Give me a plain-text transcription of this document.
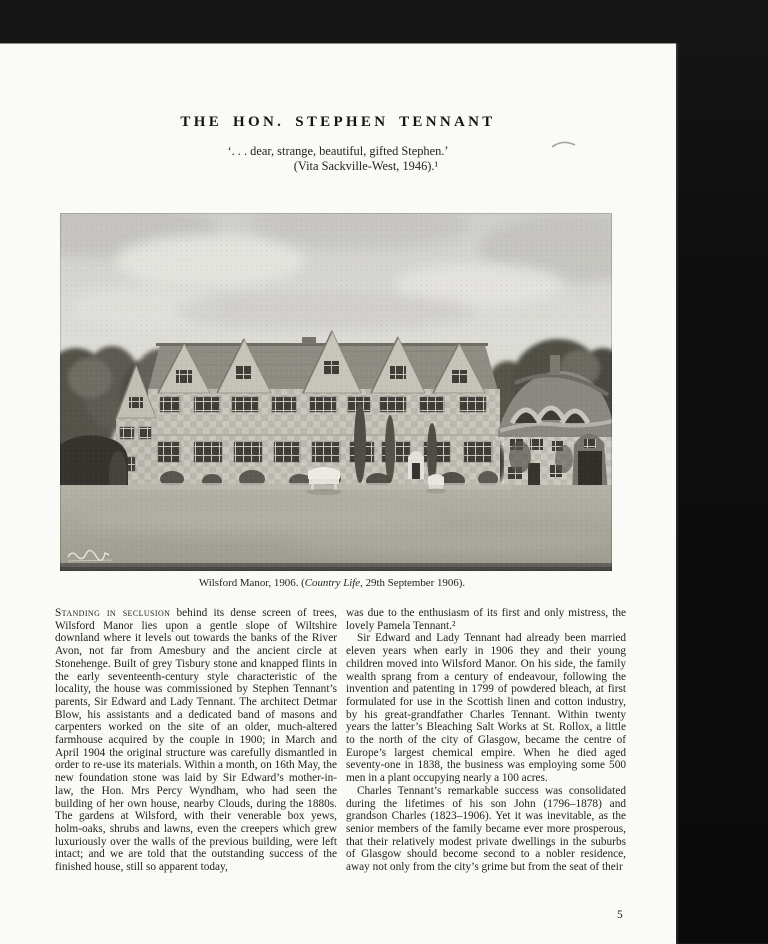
THE HON. STEPHEN TENNANT
‘. . . dear, strange, beautiful, gifted Stephen.’
(Vita Sackville-West, 1946).¹
Wilsford Manor, 1906. (Country Life, 29th September 1906).

Standing in seclusion behind its dense screen of trees, Wilsford Manor lies upon a gentle slope of Wiltshire downland where it levels out towards the banks of the River Avon, not far from Amesbury and the ancient circle at Stonehenge. Built of grey Tisbury stone and knapped flints in the early seventeenth-century style characteristic of the locality, the house was commissioned by Stephen Tennant’s parents, Sir Edward and Lady Tennant. The architect Detmar Blow, his assistants and a dedicated band of masons and carpenters worked on the site of an older, much-altered farmhouse acquired by the couple in 1900; in March and April 1904 the original structure was carefully dismantled in order to re-use its materials. Within a month, on 16th May, the new foundation stone was laid by Sir Edward’s mother-in-law, the Hon. Mrs Percy Wyndham, who had seen the building of her own house, nearby Clouds, during the 1880s. The gardens at Wilsford, with their venerable box yews, holm-oaks, shrubs and lawns, even the creepers which grew luxuriously over the walls of the previous building, were left intact; and we are told that the outstanding success of the finished house, still so apparent today,

was due to the enthusiasm of its first and only mistress, the lovely Pamela Tennant.²

Sir Edward and Lady Tennant had already been married eleven years when early in 1906 they and their young children moved into Wilsford Manor. On his side, the family wealth sprang from a century of endeavour, following the invention and patenting in 1799 of powdered bleach, at first formulated for use in the Scottish linen and cotton industry, by his great-grandfather Charles Tennant. Within twenty years the latter’s Bleaching Salt Works at St. Rollox, a little to the north of the city of Glasgow, became the centre of Europe’s largest chemical empire. When he died aged seventy-one in 1838, the business was employing some 500 men in a plant occupying nearly a 100 acres.

Charles Tennant’s remarkable success was consolidated during the lifetimes of his son John (1796–1878) and grandson Charles (1823–1906). Yet it was inevitable, as the senior members of the family became ever more prosperous, that their relatively modest private dwellings in the suburbs of Glasgow should become second to a nobler residence, away not only from the city’s grime but from the seat of their

5
